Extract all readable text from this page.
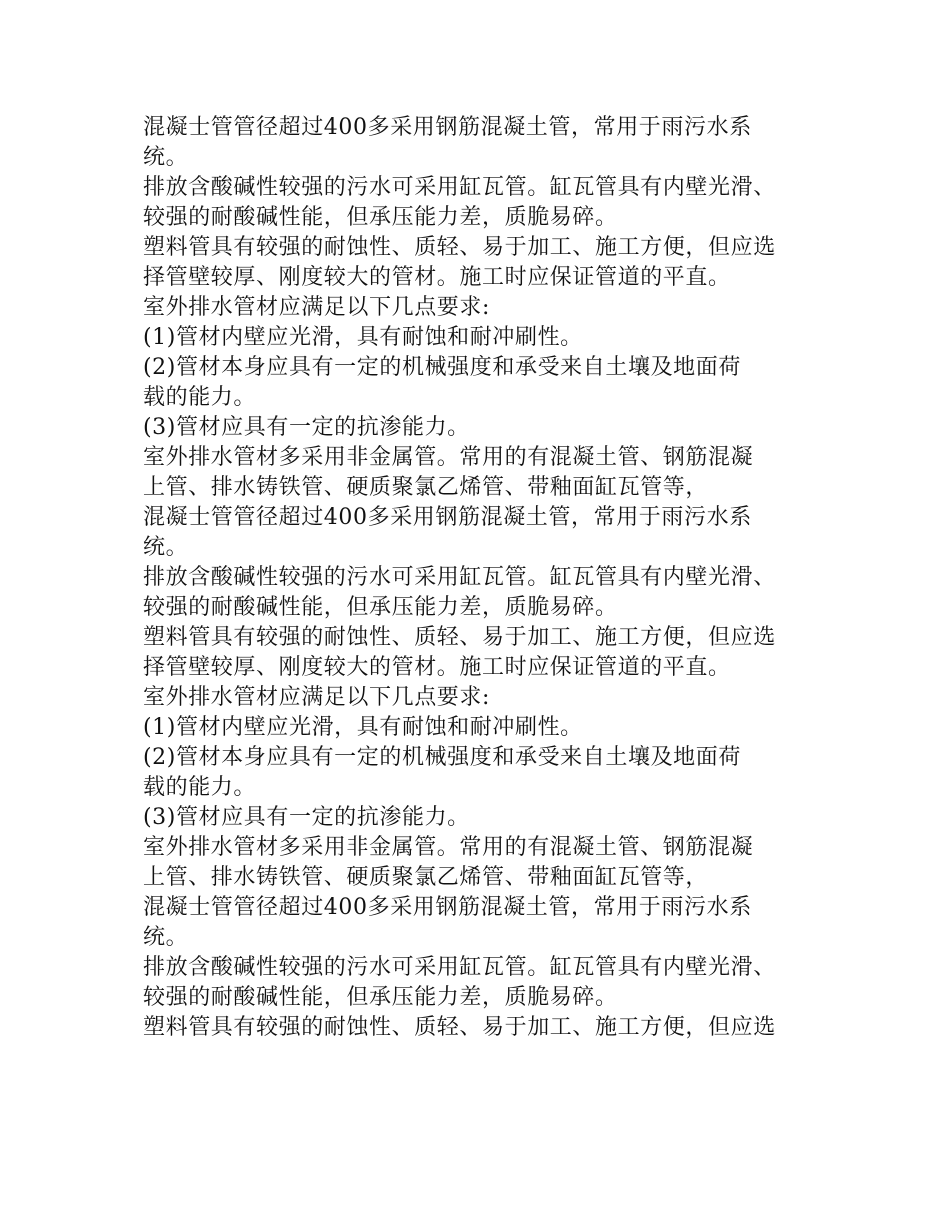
混凝士管管径超过400多采用钢筋混凝土管，常用于雨污水系
统。
排放含酸碱性较强的污水可采用缸瓦管。缸瓦管具有内壁光滑、
较强的耐酸碱性能，但承压能力差，质脆易碎。
塑料管具有较强的耐蚀性、质轻、易于加工、施工方便，但应选
择管壁较厚、刚度较大的管材。施工时应保证管道的平直。
室外排水管材应满足以下几点要求:
(1)管材内壁应光滑，具有耐蚀和耐冲刷性。
(2)管材本身应具有一定的机械强度和承受来自土壤及地面荷
载的能力。
(3)管材应具有一定的抗渗能力。
室外排水管材多采用非金属管。常用的有混凝土管、钢筋混凝
上管、排水铸铁管、硬质聚氯乙烯管、带釉面缸瓦管等，
混凝士管管径超过400多采用钢筋混凝土管，常用于雨污水系
统。
排放含酸碱性较强的污水可采用缸瓦管。缸瓦管具有内壁光滑、
较强的耐酸碱性能，但承压能力差，质脆易碎。
塑料管具有较强的耐蚀性、质轻、易于加工、施工方便，但应选
择管壁较厚、刚度较大的管材。施工时应保证管道的平直。
室外排水管材应满足以下几点要求:
(1)管材内壁应光滑，具有耐蚀和耐冲刷性。
(2)管材本身应具有一定的机械强度和承受来自土壤及地面荷
载的能力。
(3)管材应具有一定的抗渗能力。
室外排水管材多采用非金属管。常用的有混凝土管、钢筋混凝
上管、排水铸铁管、硬质聚氯乙烯管、带釉面缸瓦管等，
混凝士管管径超过400多采用钢筋混凝土管，常用于雨污水系
统。
排放含酸碱性较强的污水可采用缸瓦管。缸瓦管具有内壁光滑、
较强的耐酸碱性能，但承压能力差，质脆易碎。
塑料管具有较强的耐蚀性、质轻、易于加工、施工方便，但应选
